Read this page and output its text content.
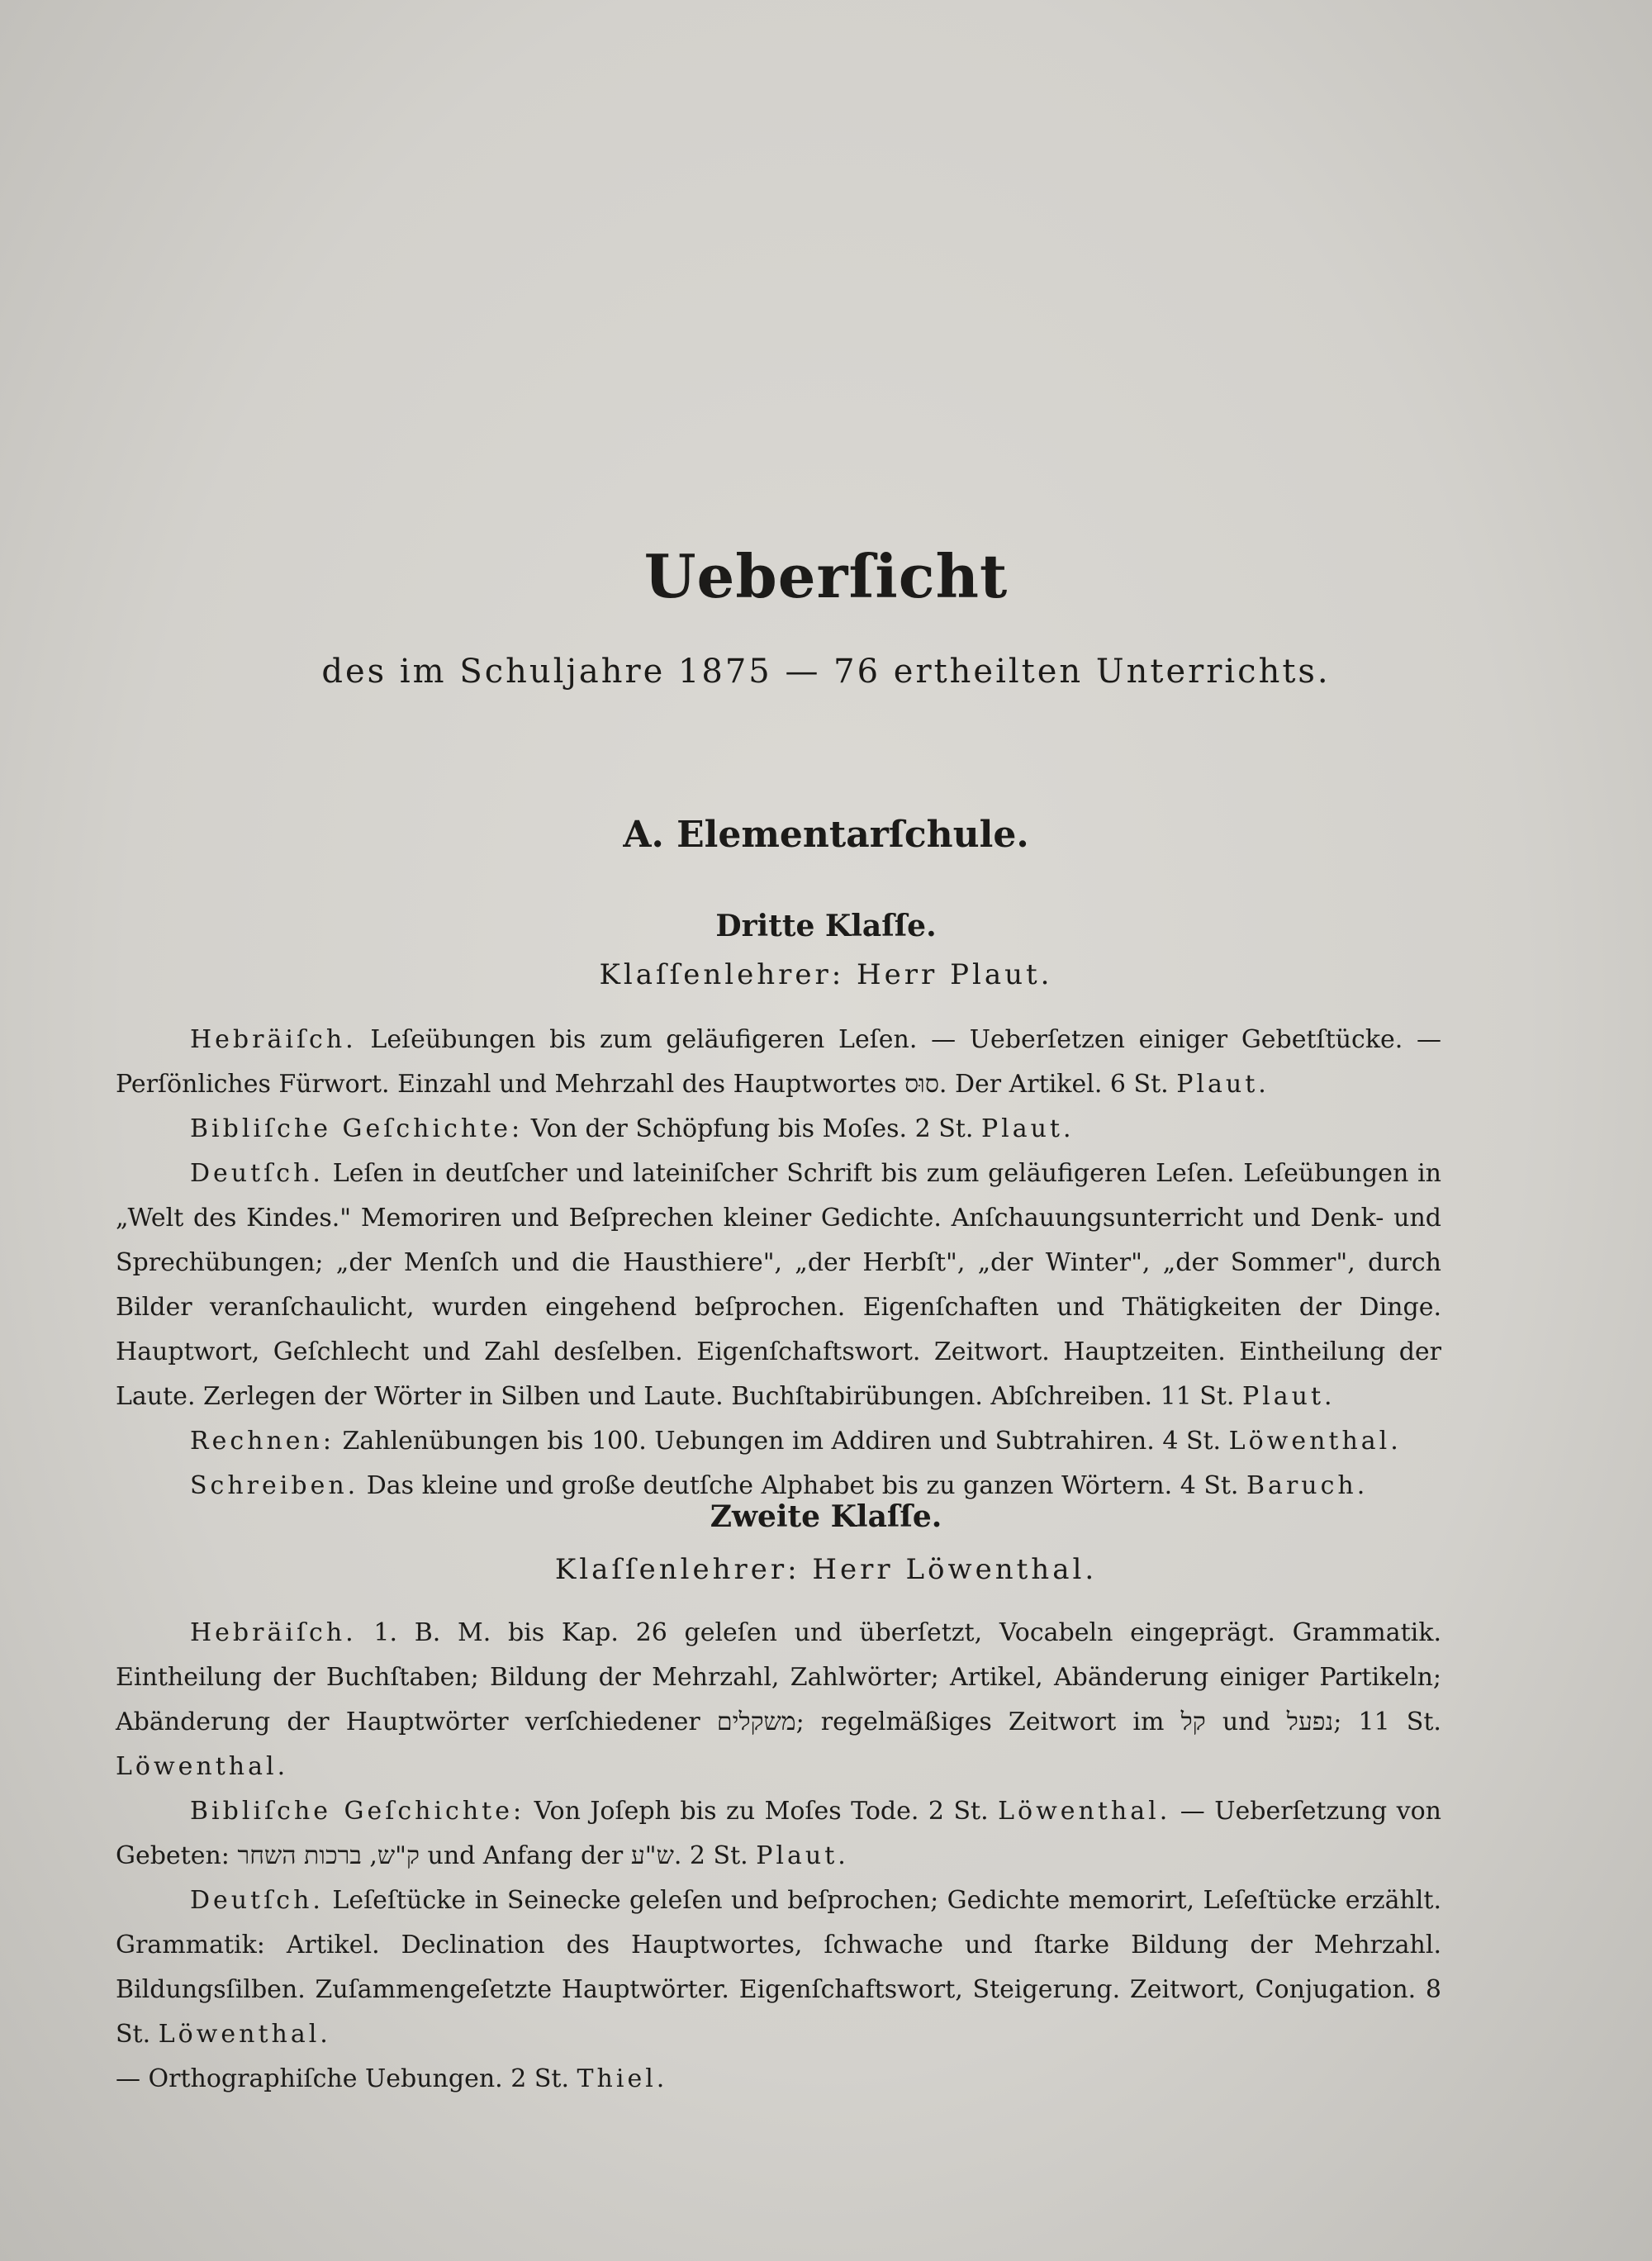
Ueberſicht
des im Schuljahre 1875 — 76 ertheilten Unterrichts.
A. Elementarſchule.
Dritte Klaſſe.
Klaſſenlehrer: Herr Plaut.

Hebräiſch. Leſeübungen bis zum geläufigeren Leſen. — Ueberſetzen einiger Gebetſtücke. — Perſönliches Fürwort. Einzahl und Mehrzahl des Hauptwortes סוּס. Der Artikel. 6 St. Plaut.

Bibliſche Geſchichte: Von der Schöpfung bis Moſes. 2 St. Plaut.

Deutſch. Leſen in deutſcher und lateiniſcher Schrift bis zum geläufigeren Leſen. Leſeübungen in „Welt des Kindes." Memoriren und Beſprechen kleiner Gedichte. Anſchauungsunterricht und Denk- und Sprechübungen; „der Menſch und die Hausthiere", „der Herbſt", „der Winter", „der Sommer", durch Bilder veranſchaulicht, wurden eingehend beſprochen. Eigenſchaften und Thätigkeiten der Dinge. Hauptwort, Geſchlecht und Zahl desſelben. Eigenſchaftswort. Zeitwort. Hauptzeiten. Eintheilung der Laute. Zerlegen der Wörter in Silben und Laute. Buchſtabirübungen. Abſchreiben. 11 St. Plaut.

Rechnen: Zahlenübungen bis 100. Uebungen im Addiren und Subtrahiren. 4 St. Löwenthal.

Schreiben. Das kleine und große deutſche Alphabet bis zu ganzen Wörtern. 4 St. Baruch.

Zweite Klaſſe.
Klaſſenlehrer: Herr Löwenthal.

Hebräiſch. 1. B. M. bis Kap. 26 geleſen und überſetzt, Vocabeln eingeprägt. Grammatik. Eintheilung der Buchſtaben; Bildung der Mehrzahl, Zahlwörter; Artikel, Abänderung einiger Partikeln; Abänderung der Hauptwörter verſchiedener משקלים; regelmäßiges Zeitwort im קל und נפעל; 11 St. Löwenthal.

Bibliſche Geſchichte: Von Joſeph bis zu Moſes Tode. 2 St. Löwenthal. — Ueberſetzung von Gebeten: ק"ש, ברכות השחר und Anfang der ש"ע. 2 St. Plaut.

Deutſch. Leſeſtücke in Seinecke geleſen und beſprochen; Gedichte memorirt, Leſeſtücke erzählt. Grammatik: Artikel. Declination des Hauptwortes, ſchwache und ſtarke Bildung der Mehrzahl. Bildungsſilben. Zuſammengeſetzte Hauptwörter. Eigenſchaftswort, Steigerung. Zeitwort, Conjugation. 8 St. Löwenthal.

— Orthographiſche Uebungen. 2 St. Thiel.
